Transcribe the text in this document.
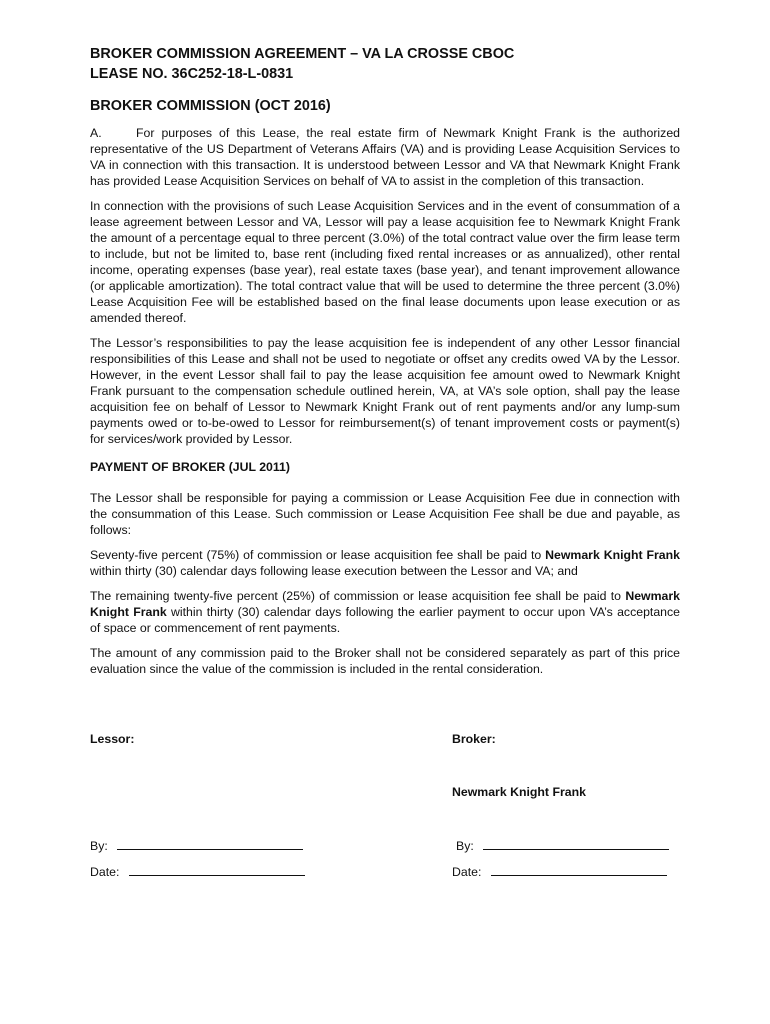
BROKER COMMISSION AGREEMENT – VA LA CROSSE CBOC

LEASE NO. 36C252-18-L-0831

BROKER COMMISSION (OCT 2016)

A.	For purposes of this Lease, the real estate firm of Newmark Knight Frank is the authorized representative of the US Department of Veterans Affairs (VA) and is providing Lease Acquisition Services to VA in connection with this transaction. It is understood between Lessor and VA that Newmark Knight Frank has provided Lease Acquisition Services on behalf of VA to assist in the completion of this transaction.

In connection with the provisions of such Lease Acquisition Services and in the event of consummation of a lease agreement between Lessor and VA, Lessor will pay a lease acquisition fee to Newmark Knight Frank the amount of a percentage equal to three percent (3.0%) of the total contract value over the firm lease term to include, but not be limited to, base rent (including fixed rental increases or as annualized), other rental income, operating expenses (base year), real estate taxes (base year), and tenant improvement allowance (or applicable amortization). The total contract value that will be used to determine the three percent (3.0%) Lease Acquisition Fee will be established based on the final lease documents upon lease execution or as amended thereof.

The Lessor’s responsibilities to pay the lease acquisition fee is independent of any other Lessor financial responsibilities of this Lease and shall not be used to negotiate or offset any credits owed VA by the Lessor. However, in the event Lessor shall fail to pay the lease acquisition fee amount owed to Newmark Knight Frank pursuant to the compensation schedule outlined herein, VA, at VA’s sole option, shall pay the lease acquisition fee on behalf of Lessor to Newmark Knight Frank out of rent payments and/or any lump-sum payments owed or to-be-owed to Lessor for reimbursement(s) of tenant improvement costs or payment(s) for services/work provided by Lessor.

PAYMENT OF BROKER (JUL 2011)

The Lessor shall be responsible for paying a commission or Lease Acquisition Fee due in connection with the consummation of this Lease. Such commission or Lease Acquisition Fee shall be due and payable, as follows:

Seventy-five percent (75%) of commission or lease acquisition fee shall be paid to Newmark Knight Frank within thirty (30) calendar days following lease execution between the Lessor and VA; and

The remaining twenty-five percent (25%) of commission or lease acquisition fee shall be paid to Newmark Knight Frank within thirty (30) calendar days following the earlier payment to occur upon VA’s acceptance of space or commencement of rent payments.

The amount of any commission paid to the Broker shall not be considered separately as part of this price evaluation since the value of the commission is included in the rental consideration.

Lessor:	Broker:
Newmark Knight Frank
By:	By:
Date:	Date:
